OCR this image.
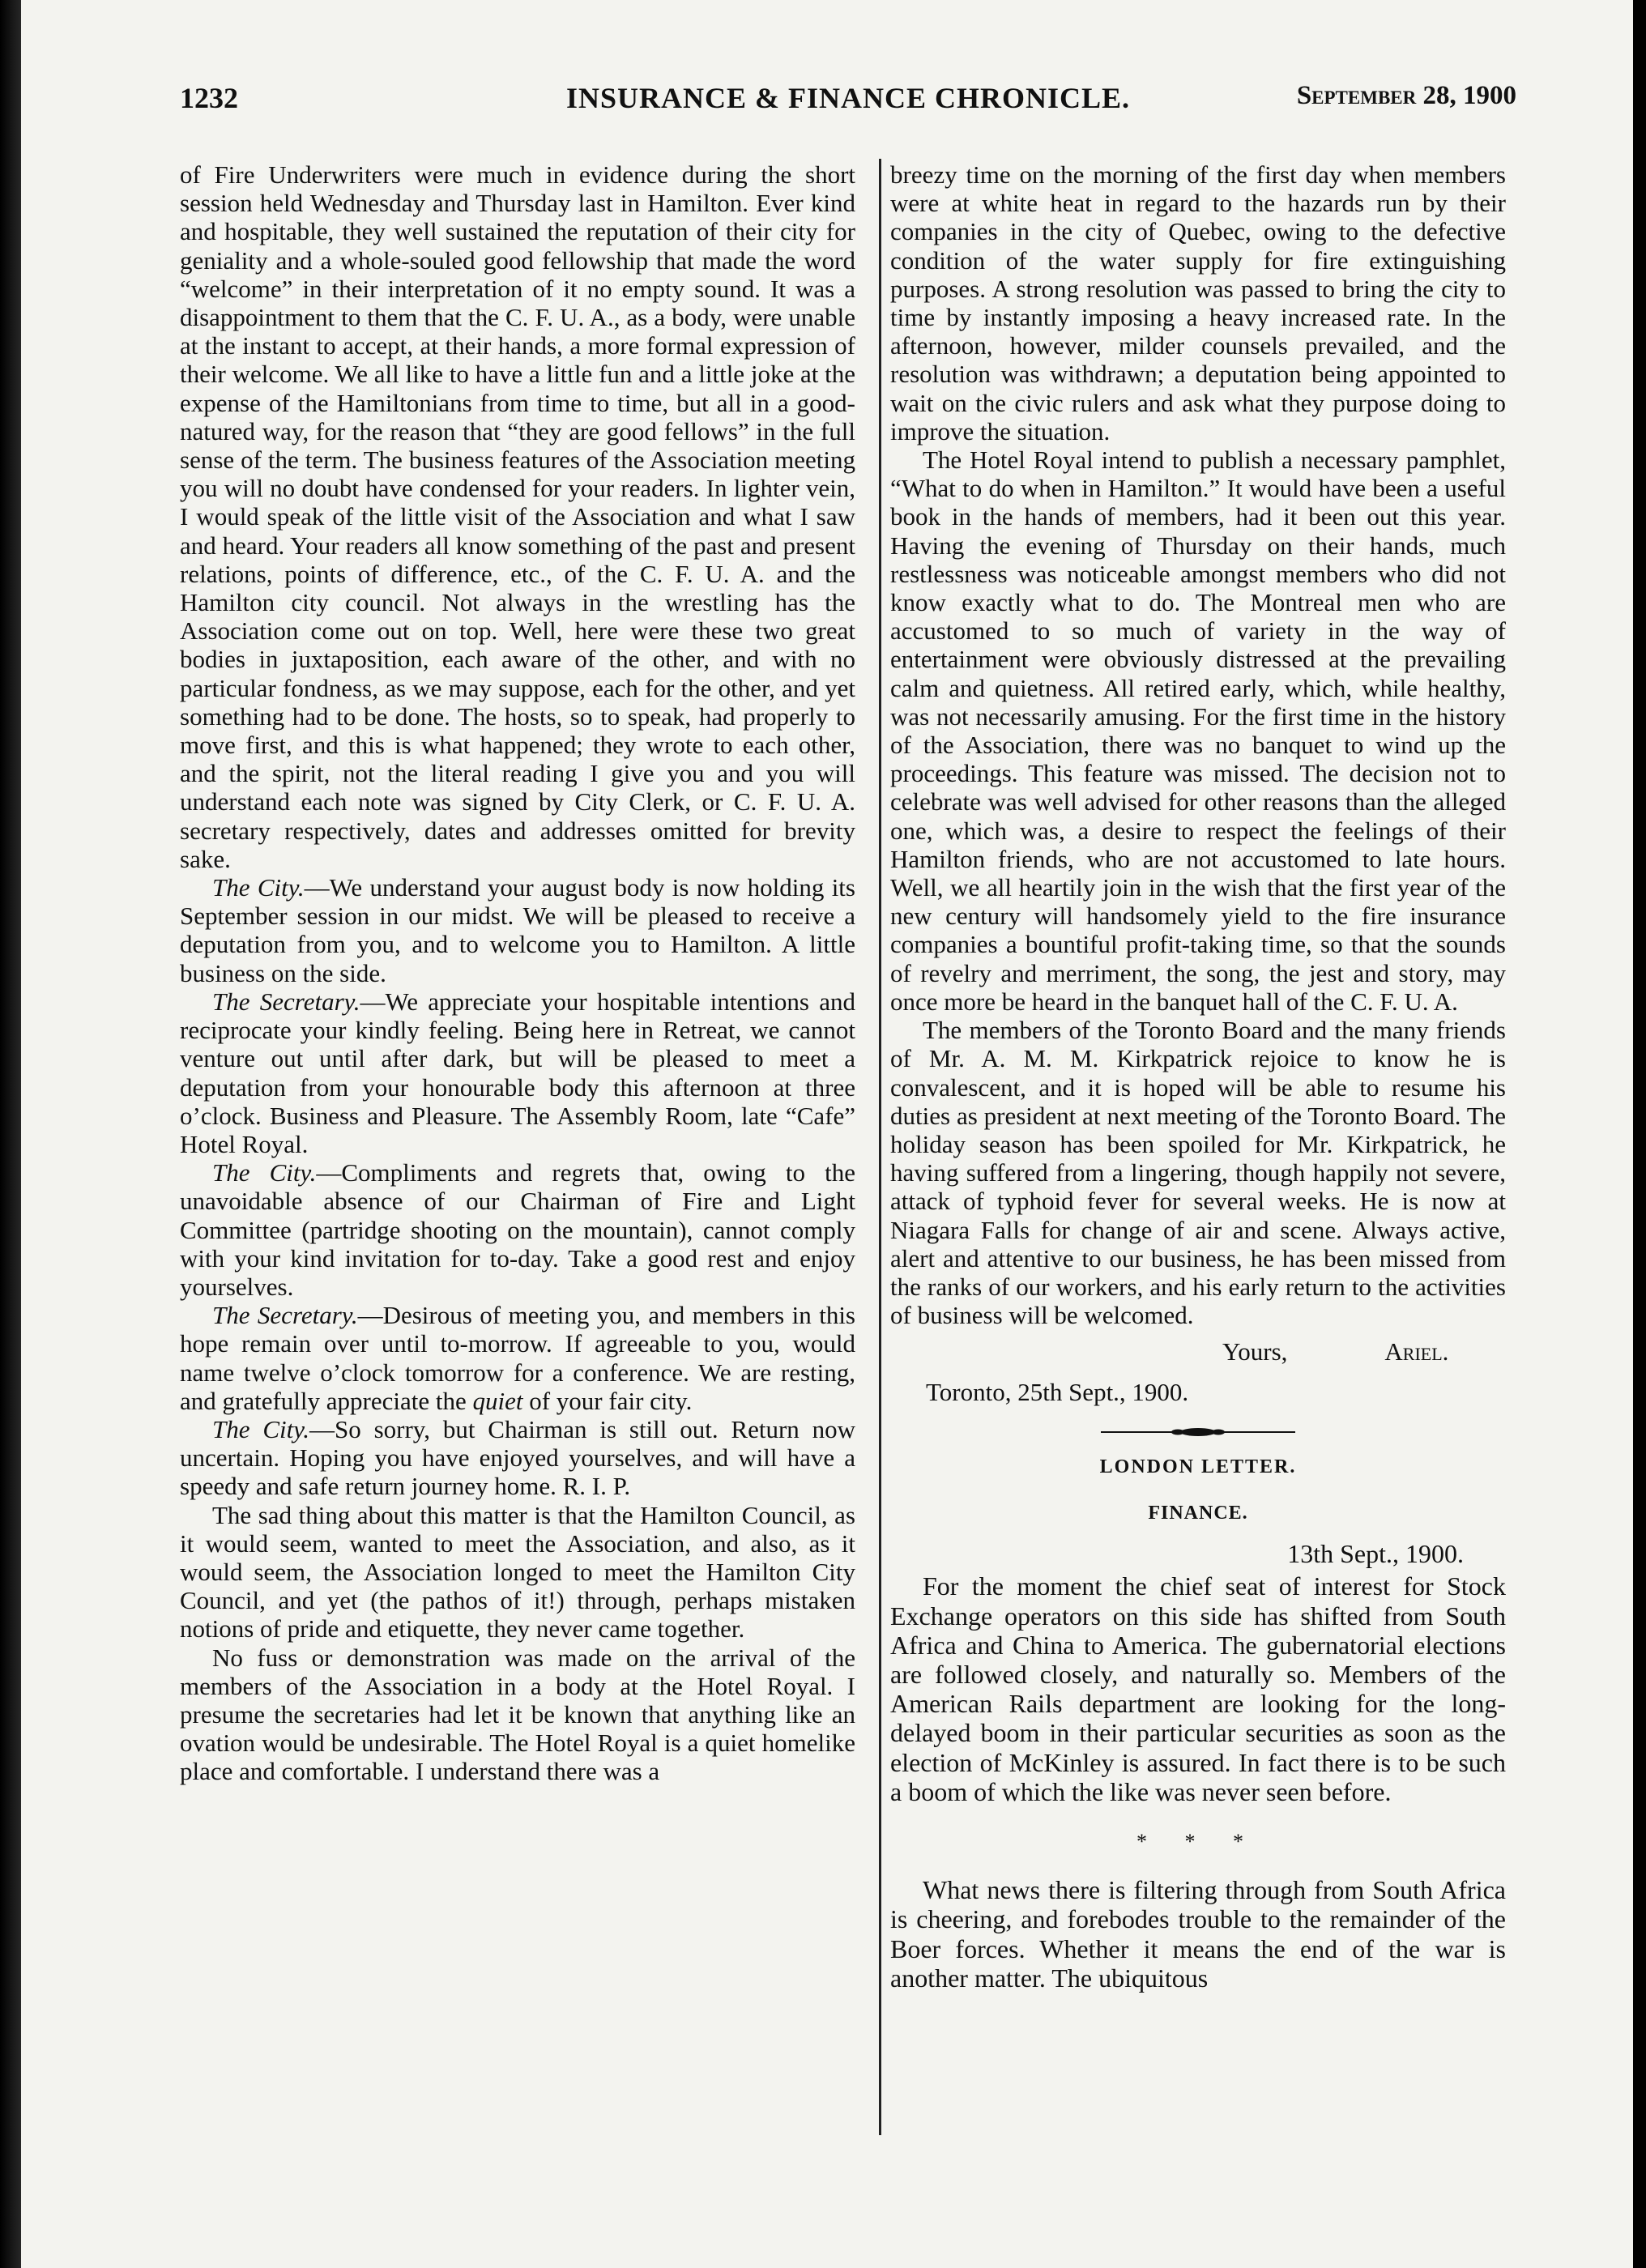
1232	INSURANCE & FINANCE CHRONICLE.	September 28, 1900

of Fire Underwriters were much in evidence during the short session held Wednesday and Thursday last in Hamilton. Ever kind and hospitable, they well sustained the reputation of their city for geniality and a whole-souled good fellowship that made the word “welcome” in their interpretation of it no empty sound. It was a disappointment to them that the C. F. U. A., as a body, were unable at the instant to accept, at their hands, a more formal expression of their welcome. We all like to have a little fun and a little joke at the expense of the Hamiltonians from time to time, but all in a good-natured way, for the reason that “they are good fellows” in the full sense of the term. The business features of the Association meeting you will no doubt have condensed for your readers. In lighter vein, I would speak of the little visit of the Association and what I saw and heard. Your readers all know something of the past and present relations, points of difference, etc., of the C. F. U. A. and the Hamilton city council. Not always in the wrestling has the Association come out on top. Well, here were these two great bodies in juxtaposition, each aware of the other, and with no particular fondness, as we may suppose, each for the other, and yet something had to be done. The hosts, so to speak, had properly to move first, and this is what happened; they wrote to each other, and the spirit, not the literal reading I give you and you will understand each note was signed by City Clerk, or C. F. U. A. secretary respectively, dates and addresses omitted for brevity sake.

The City.—We understand your august body is now holding its September session in our midst. We will be pleased to receive a deputation from you, and to welcome you to Hamilton. A little business on the side.

The Secretary.—We appreciate your hospitable intentions and reciprocate your kindly feeling. Being here in Retreat, we cannot venture out until after dark, but will be pleased to meet a deputation from your honourable body this afternoon at three o’clock. Business and Pleasure. The Assembly Room, late “Cafe” Hotel Royal.

The City.—Compliments and regrets that, owing to the unavoidable absence of our Chairman of Fire and Light Committee (partridge shooting on the mountain), cannot comply with your kind invitation for to-day. Take a good rest and enjoy yourselves.

The Secretary.—Desirous of meeting you, and members in this hope remain over until to-morrow. If agreeable to you, would name twelve o’clock tomorrow for a conference. We are resting, and gratefully appreciate the quiet of your fair city.

The City.—So sorry, but Chairman is still out. Return now uncertain. Hoping you have enjoyed yourselves, and will have a speedy and safe return journey home. R. I. P.

The sad thing about this matter is that the Hamilton Council, as it would seem, wanted to meet the Association, and also, as it would seem, the Association longed to meet the Hamilton City Council, and yet (the pathos of it!) through, perhaps mistaken notions of pride and etiquette, they never came together.

No fuss or demonstration was made on the arrival of the members of the Association in a body at the Hotel Royal. I presume the secretaries had let it be known that anything like an ovation would be undesirable. The Hotel Royal is a quiet homelike place and comfortable. I understand there was a

breezy time on the morning of the first day when members were at white heat in regard to the hazards run by their companies in the city of Quebec, owing to the defective condition of the water supply for fire extinguishing purposes. A strong resolution was passed to bring the city to time by instantly imposing a heavy increased rate. In the afternoon, however, milder counsels prevailed, and the resolution was withdrawn; a deputation being appointed to wait on the civic rulers and ask what they purpose doing to improve the situation.

The Hotel Royal intend to publish a necessary pamphlet, “What to do when in Hamilton.” It would have been a useful book in the hands of members, had it been out this year. Having the evening of Thursday on their hands, much restlessness was noticeable amongst members who did not know exactly what to do. The Montreal men who are accustomed to so much of variety in the way of entertainment were obviously distressed at the prevailing calm and quietness. All retired early, which, while healthy, was not necessarily amusing. For the first time in the history of the Association, there was no banquet to wind up the proceedings. This feature was missed. The decision not to celebrate was well advised for other reasons than the alleged one, which was, a desire to respect the feelings of their Hamilton friends, who are not accustomed to late hours. Well, we all heartily join in the wish that the first year of the new century will handsomely yield to the fire insurance companies a bountiful profit-taking time, so that the sounds of revelry and merriment, the song, the jest and story, may once more be heard in the banquet hall of the C. F. U. A.

The members of the Toronto Board and the many friends of Mr. A. M. M. Kirkpatrick rejoice to know he is convalescent, and it is hoped will be able to resume his duties as president at next meeting of the Toronto Board. The holiday season has been spoiled for Mr. Kirkpatrick, he having suffered from a lingering, though happily not severe, attack of typhoid fever for several weeks. He is now at Niagara Falls for change of air and scene. Always active, alert and attentive to our business, he has been missed from the ranks of our workers, and his early return to the activities of business will be welcomed.

Yours,	Ariel.

Toronto, 25th Sept., 1900.

LONDON LETTER.
FINANCE.

13th Sept., 1900.

For the moment the chief seat of interest for Stock Exchange operators on this side has shifted from South Africa and China to America. The gubernatorial elections are followed closely, and naturally so. Members of the American Rails department are looking for the long-delayed boom in their particular securities as soon as the election of McKinley is assured. In fact there is to be such a boom of which the like was never seen before.

* * *

What news there is filtering through from South Africa is cheering, and forebodes trouble to the remainder of the Boer forces. Whether it means the end of the war is another matter. The ubiquitous
